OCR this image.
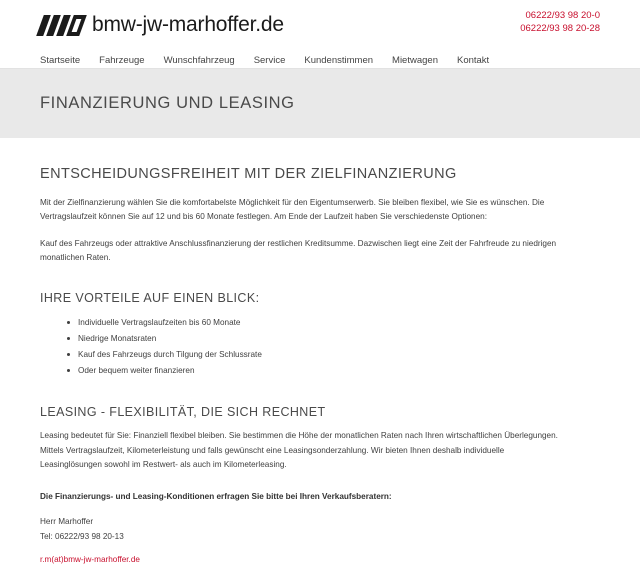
bmw-jw-marhoffer.de	06222/93 98 20-0
06222/93 98 20-28
Startseite Fahrzeuge Wunschfahrzeug Service Kundenstimmen Mietwagen Kontakt
FINANZIERUNG UND LEASING
ENTSCHEIDUNGSFREIHEIT MIT DER ZIELFINANZIERUNG

Mit der Zielfinanzierung wählen Sie die komfortabelste Möglichkeit für den Eigentumserwerb. Sie bleiben flexibel, wie Sie es wünschen. Die Vertragslaufzeit können Sie auf 12 und bis 60 Monate festlegen. Am Ende der Laufzeit haben Sie verschiedenste Optionen:

Kauf des Fahrzeugs oder attraktive Anschlussfinanzierung der restlichen Kreditsumme. Dazwischen liegt eine Zeit der Fahrfreude zu niedrigen monatlichen Raten.

IHRE VORTEILE AUF EINEN BLICK:
Individuelle Vertragslaufzeiten bis 60 Monate
Niedrige Monatsraten
Kauf des Fahrzeugs durch Tilgung der Schlussrate
Oder bequem weiter finanzieren
LEASING - FLEXIBILITÄT, DIE SICH RECHNET

Leasing bedeutet für Sie: Finanziell flexibel bleiben. Sie bestimmen die Höhe der monatlichen Raten nach Ihren wirtschaftlichen Überlegungen. Mittels Vertragslaufzeit, Kilometerleistung und falls gewünscht eine Leasingsonderzahlung. Wir bieten Ihnen deshalb individuelle Leasinglösungen sowohl im Restwert- als auch im Kilometerleasing.

Die Finanzierungs- und Leasing-Konditionen erfragen Sie bitte bei Ihren Verkaufsberatern:

Herr Marhoffer

Tel: 06222/93 98 20-13

r.m(at)bmw-jw-marhoffer.de
